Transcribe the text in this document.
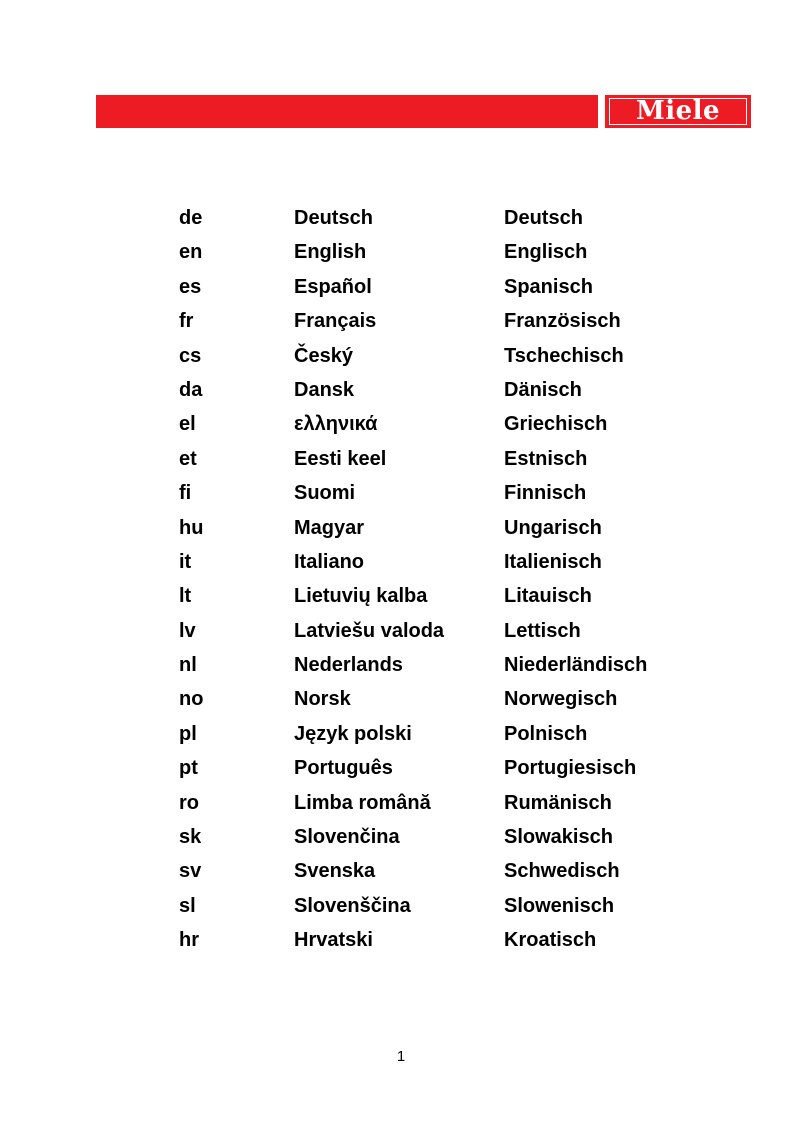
Miele
de	Deutsch	Deutsch
en	English	Englisch
es	Español	Spanisch
fr	Français	Französisch
cs	Český	Tschechisch
da	Dansk	Dänisch
el	ελληνικά	Griechisch
et	Eesti keel	Estnisch
fi	Suomi	Finnisch
hu	Magyar	Ungarisch
it	Italiano	Italienisch
lt	Lietuvių kalba	Litauisch
lv	Latviešu valoda	Lettisch
nl	Nederlands	Niederländisch
no	Norsk	Norwegisch
pl	Język polski	Polnisch
pt	Português	Portugiesisch
ro	Limba română	Rumänisch
sk	Slovenčina	Slowakisch
sv	Svenska	Schwedisch
sl	Slovenščina	Slowenisch
hr	Hrvatski	Kroatisch
1
